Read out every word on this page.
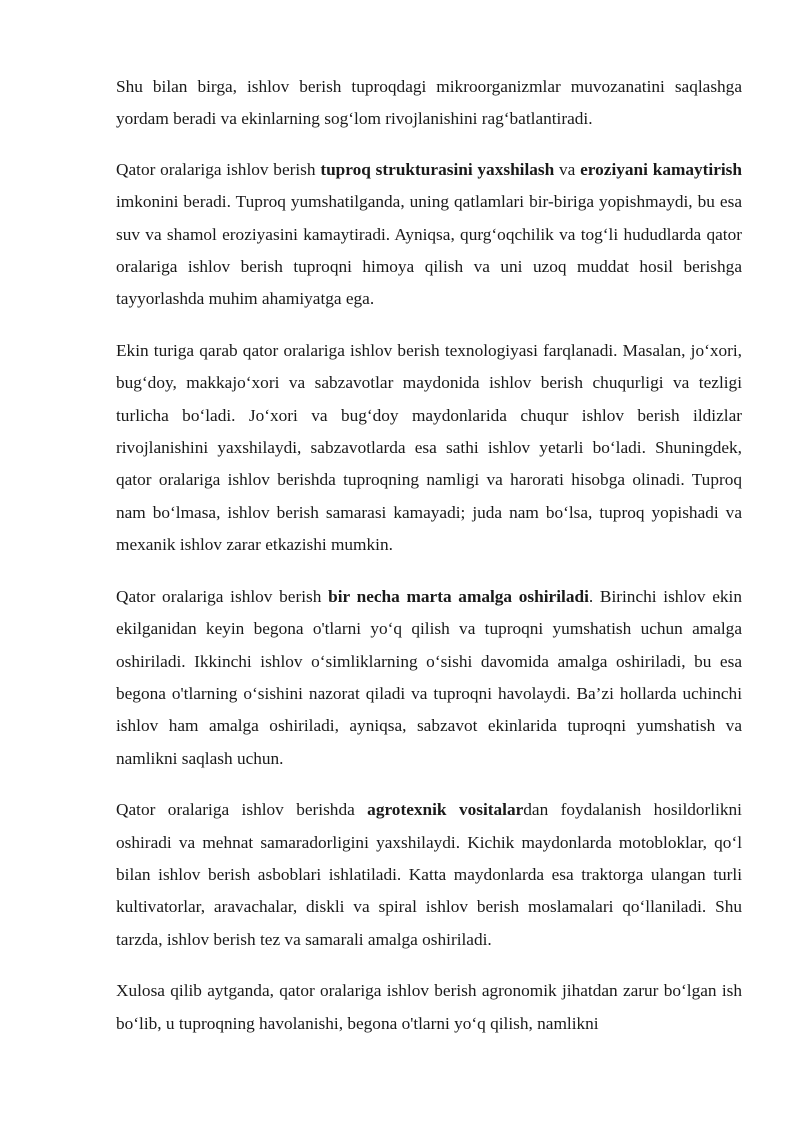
Shu bilan birga, ishlov berish tuproqdagi mikroorganizmlar muvozanatini saqlashga yordam beradi va ekinlarning sog‘lom rivojlanishini rag‘batlantiradi.

Qator oralariga ishlov berish tuproq strukturasini yaxshilash va eroziyani kamaytirish imkonini beradi. Tuproq yumshatilganda, uning qatlamlari bir-biriga yopishmaydi, bu esa suv va shamol eroziyasini kamaytiradi. Ayniqsa, qurg‘oqchilik va tog‘li hududlarda qator oralariga ishlov berish tuproqni himoya qilish va uni uzoq muddat hosil berishga tayyorlashda muhim ahamiyatga ega.

Ekin turiga qarab qator oralariga ishlov berish texnologiyasi farqlanadi. Masalan, jo‘xori, bug‘doy, makkajo‘xori va sabzavotlar maydonida ishlov berish chuqurligi va tezligi turlicha bo‘ladi. Jo‘xori va bug‘doy maydonlarida chuqur ishlov berish ildizlar rivojlanishini yaxshilaydi, sabzavotlarda esa sathi ishlov yetarli bo‘ladi. Shuningdek, qator oralariga ishlov berishda tuproqning namligi va harorati hisobga olinadi. Tuproq nam bo‘lmasa, ishlov berish samarasi kamayadi; juda nam bo‘lsa, tuproq yopishadi va mexanik ishlov zarar etkazishi mumkin.

Qator oralariga ishlov berish bir necha marta amalga oshiriladi. Birinchi ishlov ekin ekilganidan keyin begona o'tlarni yo‘q qilish va tuproqni yumshatish uchun amalga oshiriladi. Ikkinchi ishlov o‘simliklarning o‘sishi davomida amalga oshiriladi, bu esa begona o'tlarning o‘sishini nazorat qiladi va tuproqni havolaydi. Ba’zi hollarda uchinchi ishlov ham amalga oshiriladi, ayniqsa, sabzavot ekinlarida tuproqni yumshatish va namlikni saqlash uchun.

Qator oralariga ishlov berishda agrotexnik vositalardan foydalanish hosildorlikni oshiradi va mehnat samaradorligini yaxshilaydi. Kichik maydonlarda motobloklar, qo‘l bilan ishlov berish asboblari ishlatiladi. Katta maydonlarda esa traktorga ulangan turli kultivatorlar, aravachalar, diskli va spiral ishlov berish moslamalari qo‘llaniladi. Shu tarzda, ishlov berish tez va samarali amalga oshiriladi.

Xulosa qilib aytganda, qator oralariga ishlov berish agronomik jihatdan zarur bo‘lgan ish bo‘lib, u tuproqning havolanishi, begona o'tlarni yo‘q qilish, namlikni
